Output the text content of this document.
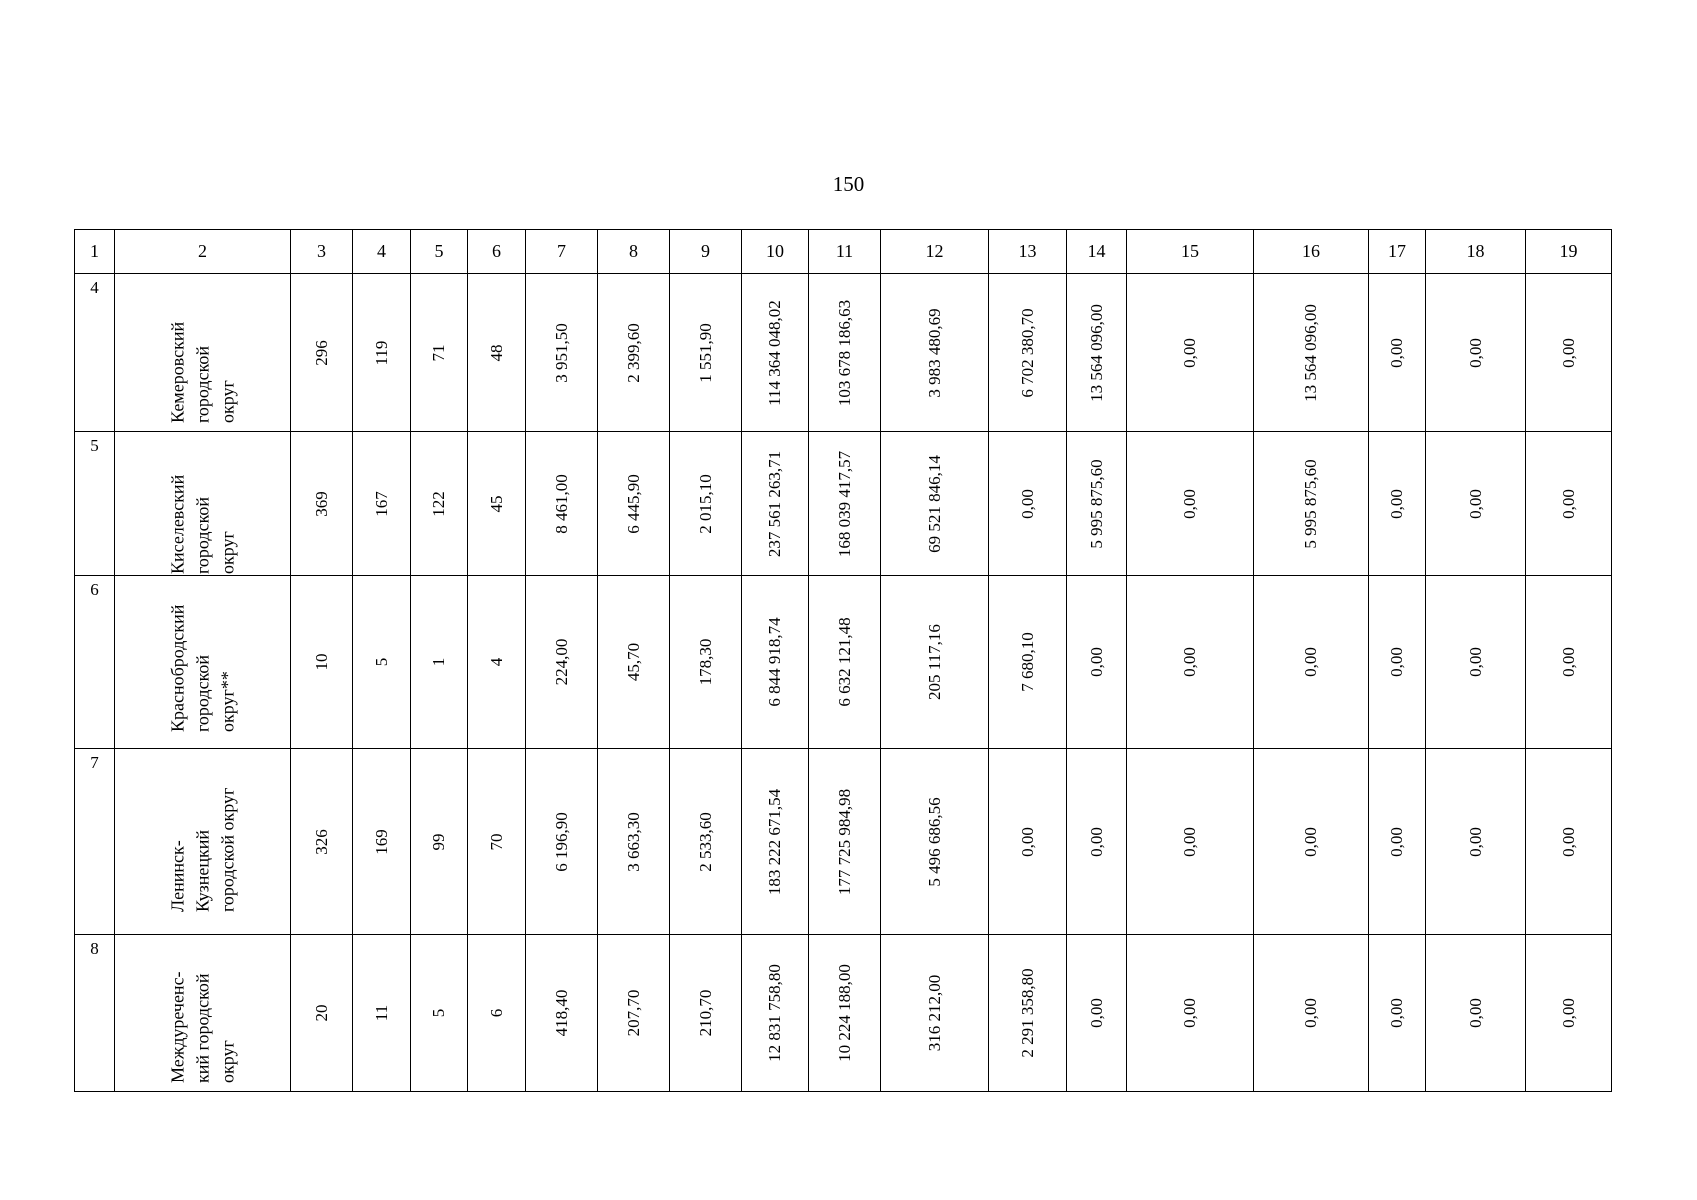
150
1	2	3	4	5	6	7	8	9	10	11	12	13	14	15	16	17	18	19

4	Кемеровский
городской
округ	296	119	71	48	3 951,50	2 399,60	1 551,90	114 364 048,02	103 678 186,63	3 983 480,69	6 702 380,70	13 564 096,00	0,00	13 564 096,00	0,00	0,00	0,00

5	Киселевский
городской
округ	369	167	122	45	8 461,00	6 445,90	2 015,10	237 561 263,71	168 039 417,57	69 521 846,14	0,00	5 995 875,60	0,00	5 995 875,60	0,00	0,00	0,00

6	Краснобродский
городской
округ**	10	5	1	4	224,00	45,70	178,30	6 844 918,74	6 632 121,48	205 117,16	7 680,10	0,00	0,00	0,00	0,00	0,00	0,00

7	Ленинск-
Кузнецкий
городской округ	326	169	99	70	6 196,90	3 663,30	2 533,60	183 222 671,54	177 725 984,98	5 496 686,56	0,00	0,00	0,00	0,00	0,00	0,00	0,00

8	Междуреченс-
кий городской
округ	20	11	5	6	418,40	207,70	210,70	12 831 758,80	10 224 188,00	316 212,00	2 291 358,80	0,00	0,00	0,00	0,00	0,00	0,00
